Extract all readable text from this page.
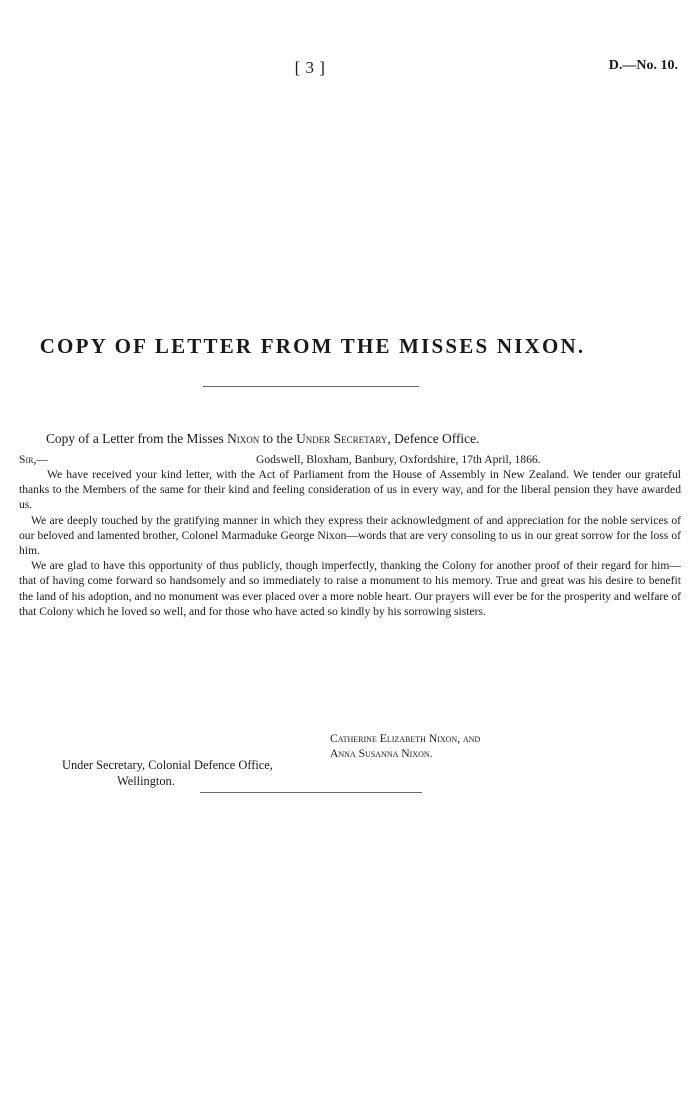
[ 3 ]	D.—No. 10.
COPY OF LETTER FROM THE MISSES NIXON.
Copy of a Letter from the Misses Nixon to the Under Secretary, Defence Office.
Sir,—	Godswell, Bloxham, Banbury, Oxfordshire, 17th April, 1866.

We have received your kind letter, with the Act of Parliament from the House of Assembly in New Zealand. We tender our grateful thanks to the Members of the same for their kind and feeling consideration of us in every way, and for the liberal pension they have awarded us.

We are deeply touched by the gratifying manner in which they express their acknowledgment of and appreciation for the noble services of our beloved and lamented brother, Colonel Marmaduke George Nixon—words that are very consoling to us in our great sorrow for the loss of him.

We are glad to have this opportunity of thus publicly, though imperfectly, thanking the Colony for another proof of their regard for him—that of having come forward so handsomely and so immediately to raise a monument to his memory. True and great was his desire to benefit the land of his adoption, and no monument was ever placed over a more noble heart. Our prayers will ever be for the prosperity and welfare of that Colony which he loved so well, and for those who have acted so kindly by his sorrowing sisters.

Catherine Elizabeth Nixon, and
Anna Susanna Nixon.
Under Secretary, Colonial Defence Office,
Wellington.
